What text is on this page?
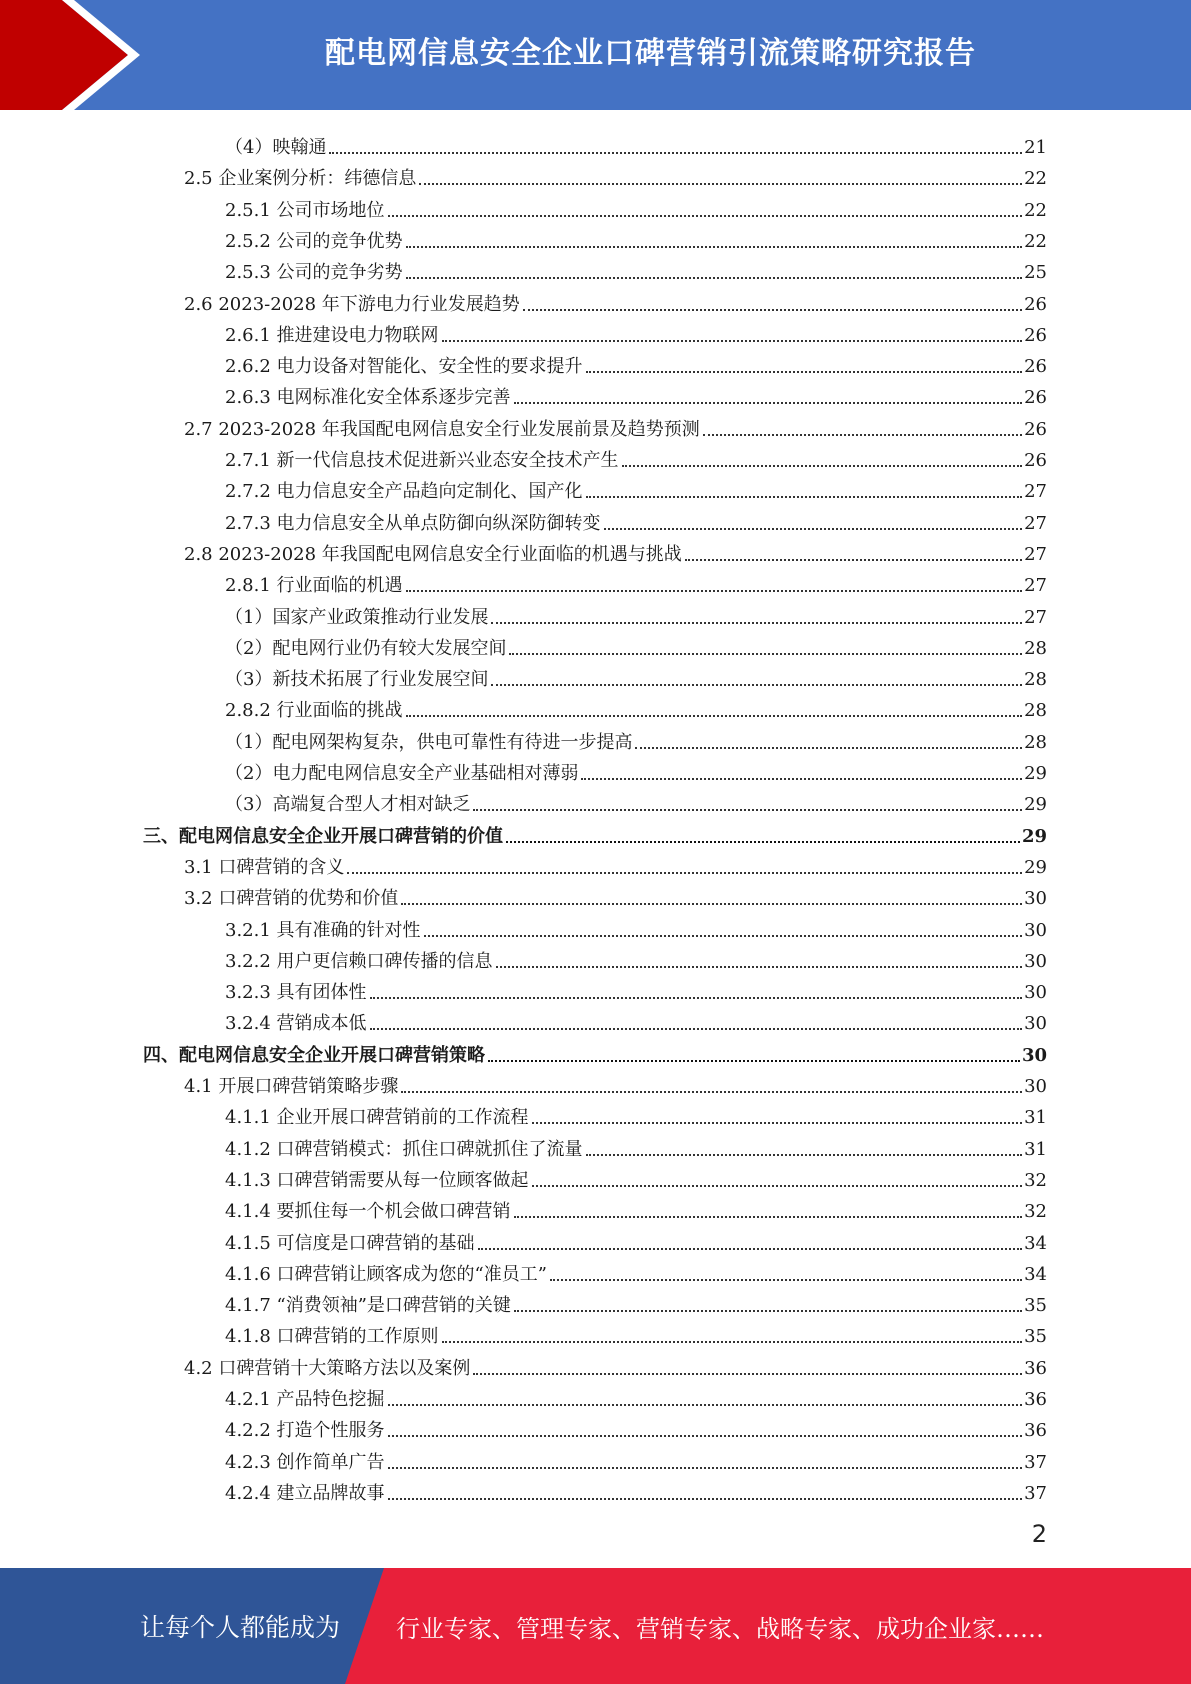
配电网信息安全企业口碑营销引流策略研究报告
（4）映翰通	21
2.5 企业案例分析：纬德信息	22
2.5.1 公司市场地位	22
2.5.2 公司的竞争优势	22
2.5.3 公司的竞争劣势	25
2.6 2023-2028 年下游电力行业发展趋势	26
2.6.1 推进建设电力物联网	26
2.6.2 电力设备对智能化、安全性的要求提升	26
2.6.3 电网标准化安全体系逐步完善	26
2.7 2023-2028 年我国配电网信息安全行业发展前景及趋势预测	26
2.7.1 新一代信息技术促进新兴业态安全技术产生	26
2.7.2 电力信息安全产品趋向定制化、国产化	27
2.7.3 电力信息安全从单点防御向纵深防御转变	27
2.8 2023-2028 年我国配电网信息安全行业面临的机遇与挑战	27
2.8.1 行业面临的机遇	27
（1）国家产业政策推动行业发展	27
（2）配电网行业仍有较大发展空间	28
（3）新技术拓展了行业发展空间	28
2.8.2 行业面临的挑战	28
（1）配电网架构复杂，供电可靠性有待进一步提高	28
（2）电力配电网信息安全产业基础相对薄弱	29
（3）高端复合型人才相对缺乏	29
三、配电网信息安全企业开展口碑营销的价值	29
3.1 口碑营销的含义	29
3.2 口碑营销的优势和价值	30
3.2.1 具有准确的针对性	30
3.2.2 用户更信赖口碑传播的信息	30
3.2.3 具有团体性	30
3.2.4 营销成本低	30
四、配电网信息安全企业开展口碑营销策略	30
4.1 开展口碑营销策略步骤	30
4.1.1 企业开展口碑营销前的工作流程	31
4.1.2 口碑营销模式：抓住口碑就抓住了流量	31
4.1.3 口碑营销需要从每一位顾客做起	32
4.1.4 要抓住每一个机会做口碑营销	32
4.1.5 可信度是口碑营销的基础	34
4.1.6 口碑营销让顾客成为您的“准员工”	34
4.1.7 “消费领袖”是口碑营销的关键	35
4.1.8 口碑营销的工作原则	35
4.2 口碑营销十大策略方法以及案例	36
4.2.1 产品特色挖掘	36
4.2.2 打造个性服务	36
4.2.3 创作简单广告	37
4.2.4 建立品牌故事	37
2
让每个人都能成为 行业专家、管理专家、营销专家、战略专家、成功企业家……
